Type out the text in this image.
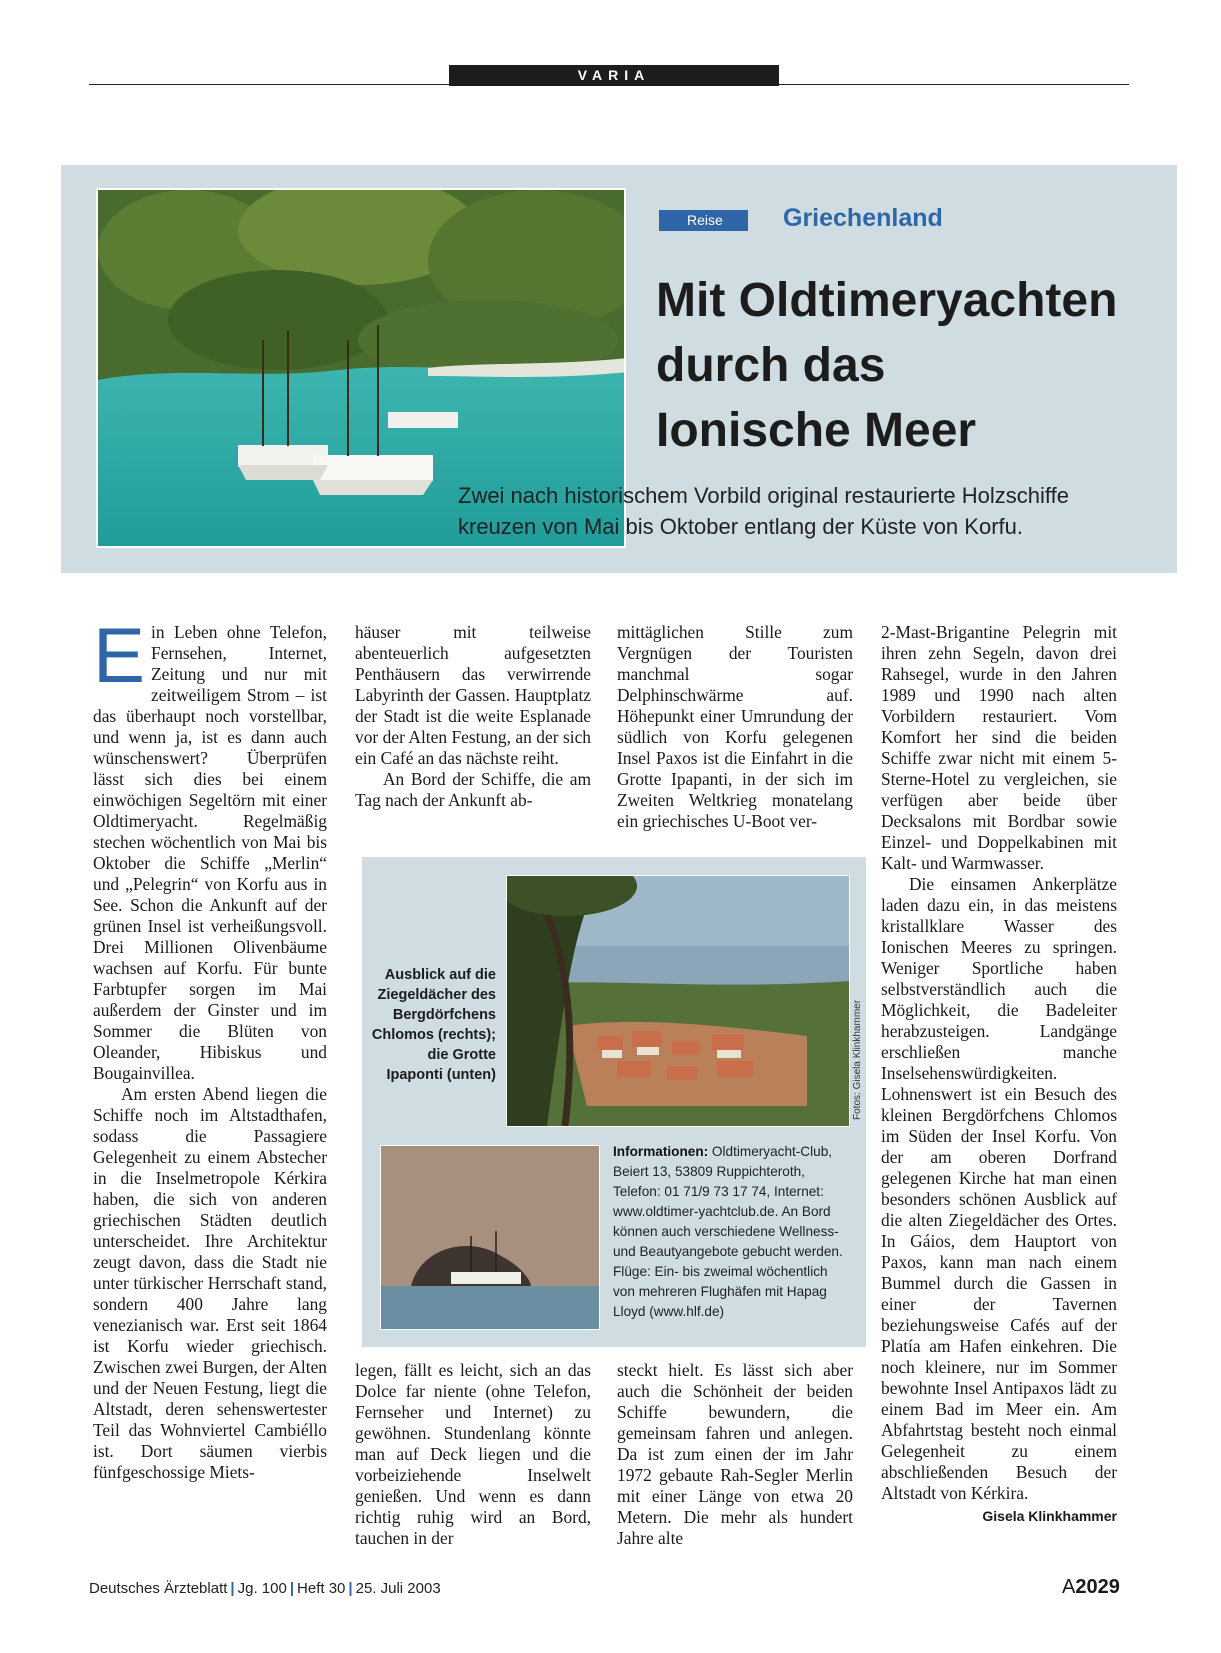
VARIA
Reise	Griechenland
Mit Oldtimeryachten
durch das
Ionische Meer
Zwei nach historischem Vorbild original restaurierte Holzschiffe kreuzen von Mai bis Oktober entlang der Küste von Korfu.

Ein Leben ohne Telefon, Fernsehen, Internet, Zeitung und nur mit zeitweiligem Strom – ist das überhaupt noch vorstellbar, und wenn ja, ist es dann auch wünschenswert? Überprüfen lässt sich dies bei einem einwöchigen Segeltörn mit einer Oldtimeryacht. Regelmäßig stechen wöchentlich von Mai bis Oktober die Schiffe „Merlin“ und „Pelegrin“ von Korfu aus in See. Schon die Ankunft auf der grünen Insel ist verheißungsvoll. Drei Millionen Olivenbäume wachsen auf Korfu. Für bunte Farbtupfer sorgen im Mai außerdem der Ginster und im Sommer die Blüten von Oleander, Hibiskus und Bougainvillea.

Am ersten Abend liegen die Schiffe noch im Altstadthafen, sodass die Passagiere Gelegenheit zu einem Abstecher in die Inselmetropole Kérkira haben, die sich von anderen griechischen Städten deutlich unterscheidet. Ihre Architektur zeugt davon, dass die Stadt nie unter türkischer Herrschaft stand, sondern 400 Jahre lang venezianisch war. Erst seit 1864 ist Korfu wieder griechisch. Zwischen zwei Burgen, der Alten und der Neuen Festung, liegt die Altstadt, deren sehenswertester Teil das Wohnviertel Cambiéllo ist. Dort säumen vierbis fünfgeschossige Miets-

häuser mit teilweise abenteuerlich aufgesetzten Penthäusern das verwirrende Labyrinth der Gassen. Hauptplatz der Stadt ist die weite Esplanade vor der Alten Festung, an der sich ein Café an das nächste reiht.

An Bord der Schiffe, die am Tag nach der Ankunft ab-

mittäglichen Stille zum Vergnügen der Touristen manchmal sogar Delphinschwärme auf. Höhepunkt einer Umrundung der südlich von Korfu gelegenen Insel Paxos ist die Einfahrt in die Grotte Ipapanti, in der sich im Zweiten Weltkrieg monatelang ein griechisches U-Boot ver-

2-Mast-Brigantine Pelegrin mit ihren zehn Segeln, davon drei Rahsegel, wurde in den Jahren 1989 und 1990 nach alten Vorbildern restauriert. Vom Komfort her sind die beiden Schiffe zwar nicht mit einem 5-Sterne-Hotel zu vergleichen, sie verfügen aber beide über Decksalons mit Bordbar sowie Einzel- und Doppelkabinen mit Kalt- und Warmwasser.

Die einsamen Ankerplätze laden dazu ein, in das meistens kristallklare Wasser des Ionischen Meeres zu springen. Weniger Sportliche haben selbstverständlich auch die Möglichkeit, die Badeleiter herabzusteigen. Landgänge erschließen manche Inselsehenswürdigkeiten. Lohnenswert ist ein Besuch des kleinen Bergdörfchens Chlomos im Süden der Insel Korfu. Von der am oberen Dorfrand gelegenen Kirche hat man einen besonders schönen Ausblick auf die alten Ziegeldächer des Ortes. In Gáios, dem Hauptort von Paxos, kann man nach einem Bummel durch die Gassen in einer der Tavernen beziehungsweise Cafés auf der Platía am Hafen einkehren. Die noch kleinere, nur im Sommer bewohnte Insel Antipaxos lädt zu einem Bad im Meer ein. Am Abfahrtstag besteht noch einmal Gelegenheit zu einem abschließenden Besuch der Altstadt von Kérkira.

Gisela Klinkhammer
Ausblick auf die Ziegeldächer des Bergdörfchens Chlomos (rechts); die Grotte Ipaponti (unten)	Fotos: Gisela Klinkhammer
Informationen: Oldtimeryacht-Club, Beiert 13, 53809 Ruppichteroth, Telefon: 01 71/9 73 17 74, Internet: www.oldtimer-yachtclub.de. An Bord können auch verschiedene Wellness- und Beautyangebote gebucht werden. Flüge: Ein- bis zweimal wöchentlich von mehreren Flughäfen mit Hapag Lloyd (www.hlf.de)

legen, fällt es leicht, sich an das Dolce far niente (ohne Telefon, Fernseher und Internet) zu gewöhnen. Stundenlang könnte man auf Deck liegen und die vorbeiziehende Inselwelt genießen. Und wenn es dann richtig ruhig wird an Bord, tauchen in der

steckt hielt. Es lässt sich aber auch die Schönheit der beiden Schiffe bewundern, die gemeinsam fahren und anlegen. Da ist zum einen der im Jahr 1972 gebaute Rah-Segler Merlin mit einer Länge von etwa 20 Metern. Die mehr als hundert Jahre alte

Deutsches Ärzteblatt | Jg. 100 | Heft 30 | 25. Juli 2003	A2029
